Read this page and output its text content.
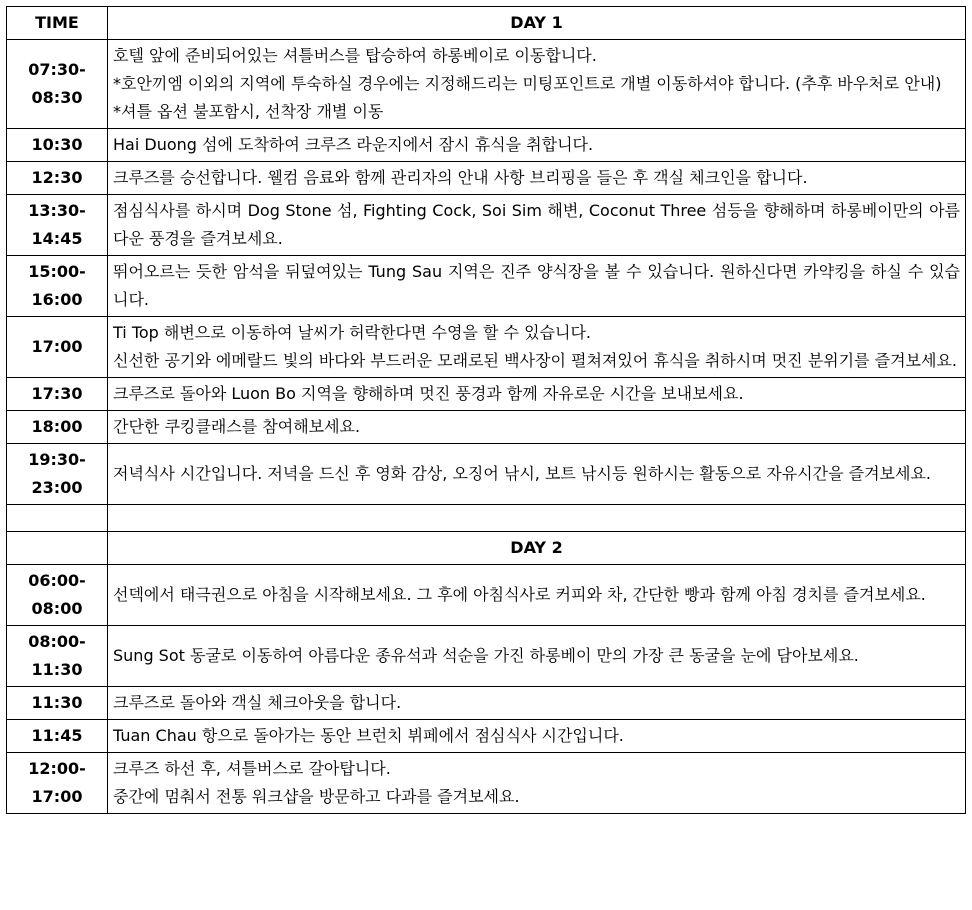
TIME	DAY 1

07:30-
08:30	호텔 앞에 준비되어있는 셔틀버스를 탑승하여 하롱베이로 이동합니다.
*호안끼엠 이외의 지역에 투숙하실 경우에는 지정해드리는 미팅포인트로 개별 이동하셔야 합니다. (추후 바우처로 안내)
*셔틀 옵션 불포함시, 선착장 개별 이동

10:30	Hai Duong 섬에 도착하여 크루즈 라운지에서 잠시 휴식을 취합니다.

12:30	크루즈를 승선합니다. 웰컴 음료와 함께 관리자의 안내 사항 브리핑을 들은 후 객실 체크인을 합니다.

13:30-
14:45	점심식사를 하시며 Dog Stone 섬, Fighting Cock, Soi Sim 해변, Coconut Three 섬등을 향해하며 하롱베이만의 아름다운 풍경을 즐겨보세요.

15:00-
16:00	뛰어오르는 듯한 암석을 뒤덮여있는 Tung Sau 지역은 진주 양식장을 볼 수 있습니다. 원하신다면 카약킹을 하실 수 있습니다.

17:00	Ti Top 해변으로 이동하여 날씨가 허락한다면 수영을 할 수 있습니다.
신선한 공기와 에메랄드 빛의 바다와 부드러운 모래로된 백사장이 펼쳐져있어 휴식을 취하시며 멋진 분위기를 즐겨보세요.

17:30	크루즈로 돌아와 Luon Bo 지역을 향해하며 멋진 풍경과 함께 자유로운 시간을 보내보세요.

18:00	간단한 쿠킹클래스를 참여해보세요.

19:30-
23:00	저녁식사 시간입니다. 저녁을 드신 후 영화 감상, 오징어 낚시, 보트 낚시등 원하시는 활동으로 자유시간을 즐겨보세요.

	DAY 2

06:00-
08:00	선덱에서 태극권으로 아침을 시작해보세요. 그 후에 아침식사로 커피와 차, 간단한 빵과 함께 아침 경치를 즐겨보세요.

08:00-
11:30	Sung Sot 동굴로 이동하여 아름다운 종유석과 석순을 가진 하롱베이 만의 가장 큰 동굴을 눈에 담아보세요.

11:30	크루즈로 돌아와 객실 체크아웃을 합니다.

11:45	Tuan Chau 항으로 돌아가는 동안 브런치 뷔페에서 점심식사 시간입니다.

12:00-
17:00	크루즈 하선 후, 셔틀버스로 갈아탑니다.
중간에 멈춰서 전통 워크샵을 방문하고 다과를 즐겨보세요.
